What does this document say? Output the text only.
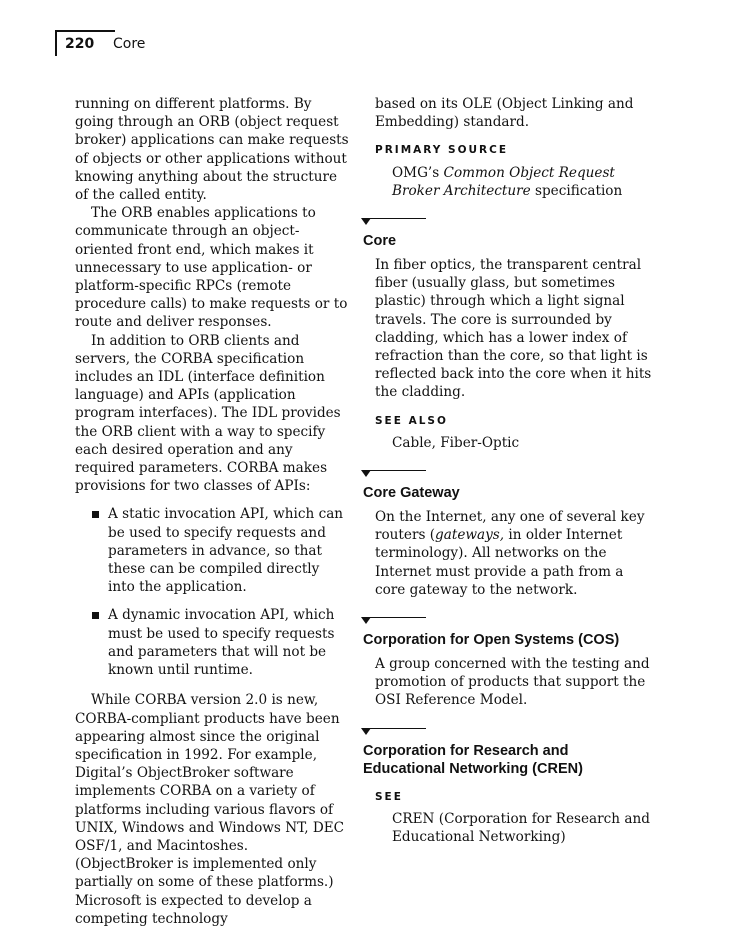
220 Core

running on different platforms. By going through an ORB (object request broker) applications can make requests of objects or other applications without knowing anything about the structure of the called entity.

The ORB enables applications to communicate through an object-oriented front end, which makes it unnecessary to use application- or platform-specific RPCs (remote procedure calls) to make requests or to route and deliver responses.

In addition to ORB clients and servers, the CORBA specification includes an IDL (interface definition language) and APIs (application program interfaces). The IDL provides the ORB client with a way to specify each desired operation and any required parameters. CORBA makes provisions for two classes of APIs:

A static invocation API, which can be used to specify requests and parameters in advance, so that these can be compiled directly into the application.
A dynamic invocation API, which must be used to specify requests and parameters that will not be known until runtime.

While CORBA version 2.0 is new, CORBA-compliant products have been appearing almost since the original specification in 1992. For example, Digital’s ObjectBroker software implements CORBA on a variety of platforms including various flavors of UNIX, Windows and Windows NT, DEC OSF/1, and Macintoshes. (ObjectBroker is implemented only partially on some of these platforms.) Microsoft is expected to develop a competing technology

based on its OLE (Object Linking and Embedding) standard.

PRIMARY SOURCE

OMG’s Common Object Request Broker Architecture specification

Core

In fiber optics, the transparent central fiber (usually glass, but sometimes plastic) through which a light signal travels. The core is surrounded by cladding, which has a lower index of refraction than the core, so that light is reflected back into the core when it hits the cladding.

SEE ALSO

Cable, Fiber-Optic

Core Gateway

On the Internet, any one of several key routers (gateways, in older Internet terminology). All networks on the Internet must provide a path from a core gateway to the network.

Corporation for Open Systems (COS)

A group concerned with the testing and promotion of products that support the OSI Reference Model.

Corporation for Research and Educational Networking (CREN)
SEE

CREN (Corporation for Research and Educational Networking)
